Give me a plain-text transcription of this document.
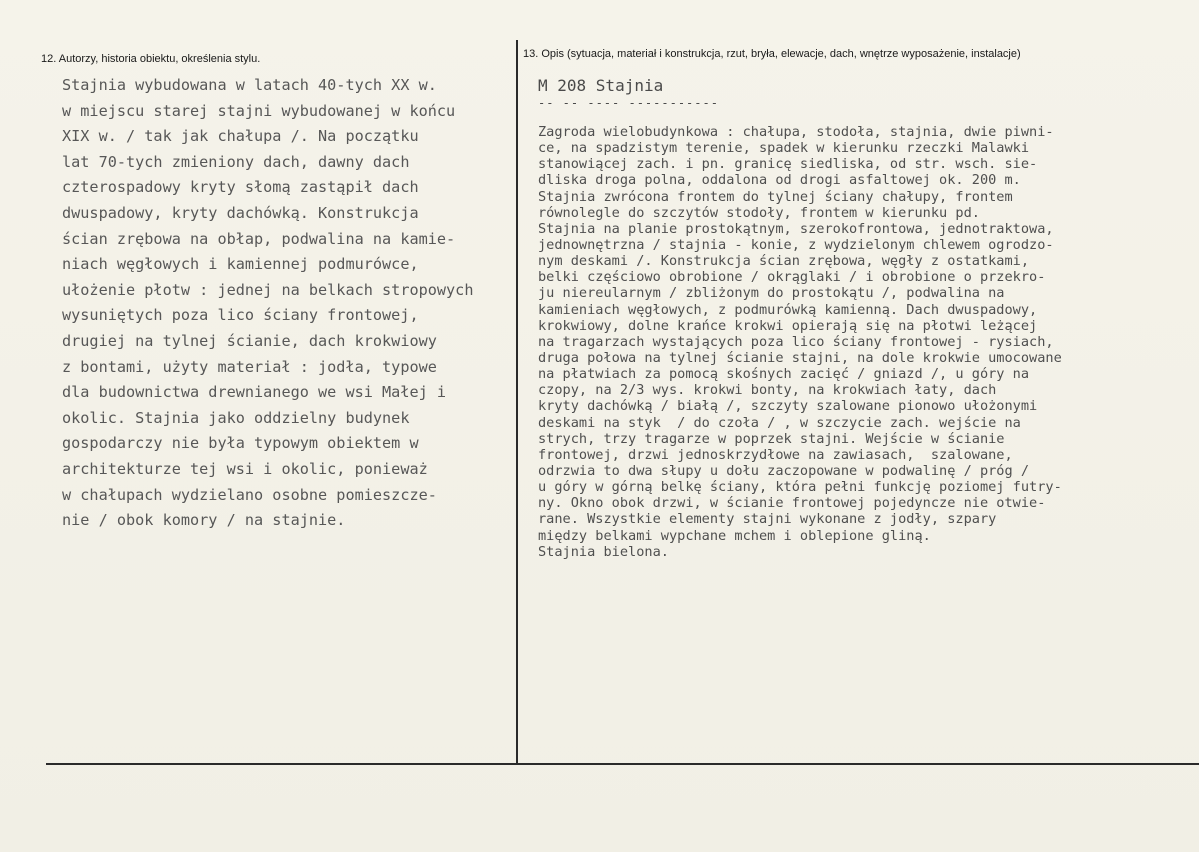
12. Autorzy, historia obiektu, określenia stylu.	13. Opis (sytuacja, materiał i konstrukcja, rzut, bryła, elewacje, dach, wnętrze wyposażenie, instalacje)
Stajnia wybudowana w latach 40-tych XX w.
w miejscu starej stajni wybudowanej w końcu
XIX w. / tak jak chałupa /. Na początku
lat 70-tych zmieniony dach, dawny dach
czterospadowy kryty słomą zastąpił dach
dwuspadowy, kryty dachówką. Konstrukcja
ścian zrębowa na obłap, podwalina na kamie-
niach węgłowych i kamiennej podmurówce,
ułożenie płotw : jednej na belkach stropowych
wysuniętych poza lico ściany frontowej,
drugiej na tylnej ścianie, dach krokwiowy
z bontami, użyty materiał : jodła, typowe
dla budownictwa drewnianego we wsi Małej i
okolic. Stajnia jako oddzielny budynek
gospodarczy nie była typowym obiektem w
architekturze tej wsi i okolic, ponieważ
w chałupach wydzielano osobne pomieszcze-
nie / obok komory / na stajnie.
M 208 Stajnia
-- -- ---- -----------
Zagroda wielobudynkowa : chałupa, stodoła, stajnia, dwie piwni-
ce, na spadzistym terenie, spadek w kierunku rzeczki Malawki
stanowiącej zach. i pn. granicę siedliska, od str. wsch. sie-
dliska droga polna, oddalona od drogi asfaltowej ok. 200 m.
Stajnia zwrócona frontem do tylnej ściany chałupy, frontem
równolegle do szczytów stodoły, frontem w kierunku pd.
Stajnia na planie prostokątnym, szerokofrontowa, jednotraktowa,
jednownętrzna / stajnia - konie, z wydzielonym chlewem ogrodzo-
nym deskami /. Konstrukcja ścian zrębowa, węgły z ostatkami,
belki częściowo obrobione / okrąglaki / i obrobione o przekro-
ju niereularnym / zbliżonym do prostokątu /, podwalina na
kamieniach węgłowych, z podmurówką kamienną. Dach dwuspadowy,
krokwiowy, dolne krańce krokwi opierają się na płotwi leżącej
na tragarzach wystających poza lico ściany frontowej - rysiach,
druga połowa na tylnej ścianie stajni, na dole krokwie umocowane
na płatwiach za pomocą skośnych zacięć / gniazd /, u góry na
czopy, na 2/3 wys. krokwi bonty, na krokwiach łaty, dach
kryty dachówką / białą /, szczyty szalowane pionowo ułożonymi
deskami na styk  / do czoła / , w szczycie zach. wejście na
strych, trzy tragarze w poprzek stajni. Wejście w ścianie
frontowej, drzwi jednoskrzydłowe na zawiasach,  szalowane,
odrzwia to dwa słupy u dołu zaczopowane w podwalinę / próg /
u góry w górną belkę ściany, która pełni funkcję poziomej futry-
ny. Okno obok drzwi, w ścianie frontowej pojedyncze nie otwie-
rane. Wszystkie elementy stajni wykonane z jodły, szpary
między belkami wypchane mchem i oblepione gliną.
Stajnia bielona.
